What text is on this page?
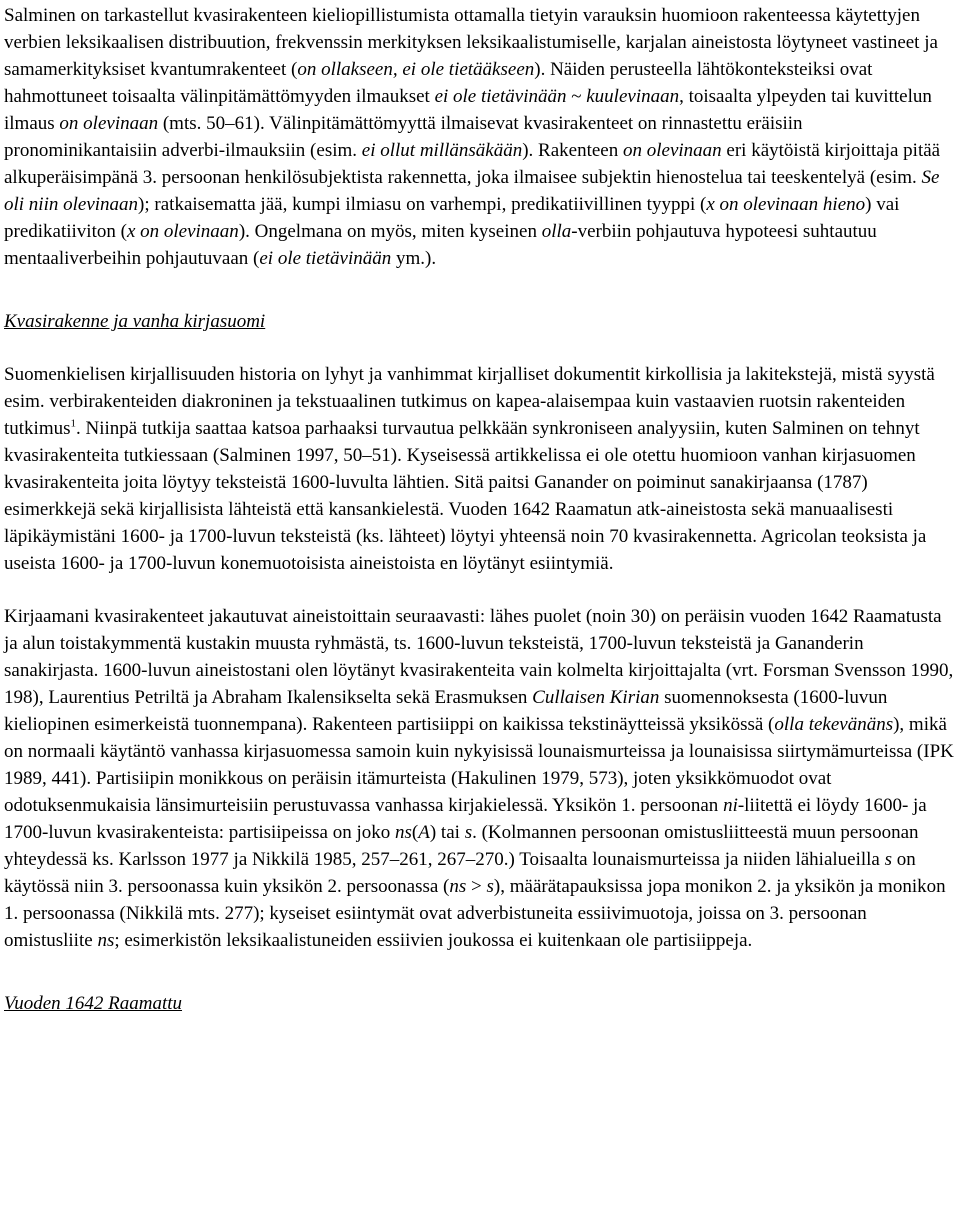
Salminen on tarkastellut kvasirakenteen kieliopillistumista ottamalla tietyin varauksin huomioon rakenteessa käytettyjen verbien leksikaalisen distribuution, frekvenssin merkityksen leksikaalistumiselle, karjalan aineistosta löytyneet vastineet ja samamerkityksiset kvantumrakenteet (on ollakseen, ei ole tietääkseen). Näiden perusteella lähtökonteksteiksi ovat hahmottuneet toisaalta välinpitämättömyyden ilmaukset ei ole tietävinään ~ kuulevinaan, toisaalta ylpeyden tai kuvittelun ilmaus on olevinaan (mts. 50–61). Välinpitämättömyyttä ilmaisevat kvasirakenteet on rinnastettu eräisiin pronominikantaisiin adverbi-ilmauksiin (esim. ei ollut millänsäkään). Rakenteen on olevinaan eri käytöistä kirjoittaja pitää alkuperäisimpänä 3. persoonan henkilösubjektista rakennetta, joka ilmaisee subjektin hienostelua tai teeskentelyä (esim. Se oli niin olevinaan); ratkaisematta jää, kumpi ilmiasu on varhempi, predikatiivillinen tyyppi (x on olevinaan hieno) vai predikatiiviton (x on olevinaan). Ongelmana on myös, miten kyseinen olla-verbiin pohjautuva hypoteesi suhtautuu mentaaliverbeihin pohjautuvaan (ei ole tietävinään ym.).

Kvasirakenne ja vanha kirjasuomi

Suomenkielisen kirjallisuuden historia on lyhyt ja vanhimmat kirjalliset dokumentit kirkollisia ja lakitekstejä, mistä syystä esim. verbirakenteiden diakroninen ja tekstuaalinen tutkimus on kapea-alaisempaa kuin vastaavien ruotsin rakenteiden tutkimus$^1$. Niinpä tutkija saattaa katsoa parhaaksi turvautua pelkkään synkroniseen analyysiin, kuten Salminen on tehnyt kvasirakenteita tutkiessaan (Salminen 1997, 50–51). Kyseisessä artikkelissa ei ole otettu huomioon vanhan kirjasuomen kvasirakenteita joita löytyy teksteistä 1600-luvulta lähtien. Sitä paitsi Ganander on poiminut sanakirjaansa (1787) esimerkkejä sekä kirjallisista lähteistä että kansankielestä. Vuoden 1642 Raamatun atk-aineistosta sekä manuaalisesti läpikäymistäni 1600- ja 1700-luvun teksteistä (ks. lähteet) löytyi yhteensä noin 70 kvasirakennetta. Agricolan teoksista ja useista 1600- ja 1700-luvun konemuotoisista aineistoista en löytänyt esiintymiä.

Kirjaamani kvasirakenteet jakautuvat aineistoittain seuraavasti: lähes puolet (noin 30) on peräisin vuoden 1642 Raamatusta ja alun toistakymmentä kustakin muusta ryhmästä, ts. 1600-luvun teksteistä, 1700-luvun teksteistä ja Gananderin sanakirjasta. 1600-luvun aineistostani olen löytänyt kvasirakenteita vain kolmelta kirjoittajalta (vrt. Forsman Svensson 1990, 198), Laurentius Petriltä ja Abraham Ikalensikselta sekä Erasmuksen Cullaisen Kirian suomennoksesta (1600-luvun kieliopinen esimerkeistä tuonnempana). Rakenteen partisiippi on kaikissa tekstinäytteissä yksikössä (olla tekevänäns), mikä on normaali käytäntö vanhassa kirjasuomessa samoin kuin nykyisissä lounaismurteissa ja lounaisissa siirtymämurteissa (IPK 1989, 441). Partisiipin monikkous on peräisin itämurteista (Hakulinen 1979, 573), joten yksikkömuodot ovat odotuksenmukaisia länsimurteisiin perustuvassa vanhassa kirjakielessä. Yksikön 1. persoonan ni-liitettä ei löydy 1600- ja 1700-luvun kvasirakenteista: partisiipeissa on joko ns(A) tai s. (Kolmannen persoonan omistusliitteestä muun persoonan yhteydessä ks. Karlsson 1977 ja Nikkilä 1985, 257–261, 267–270.) Toisaalta lounaismurteissa ja niiden lähialueilla s on käytössä niin 3. persoonassa kuin yksikön 2. persoonassa (ns > s), määrätapauksissa jopa monikon 2. ja yksikön ja monikon 1. persoonassa (Nikkilä mts. 277); kyseiset esiintymät ovat adverbistuneita essiivimuotoja, joissa on 3. persoonan omistusliite ns; esimerkistön leksikaalistuneiden essiivien joukossa ei kuitenkaan ole partisiippeja.

Vuoden 1642 Raamattu
